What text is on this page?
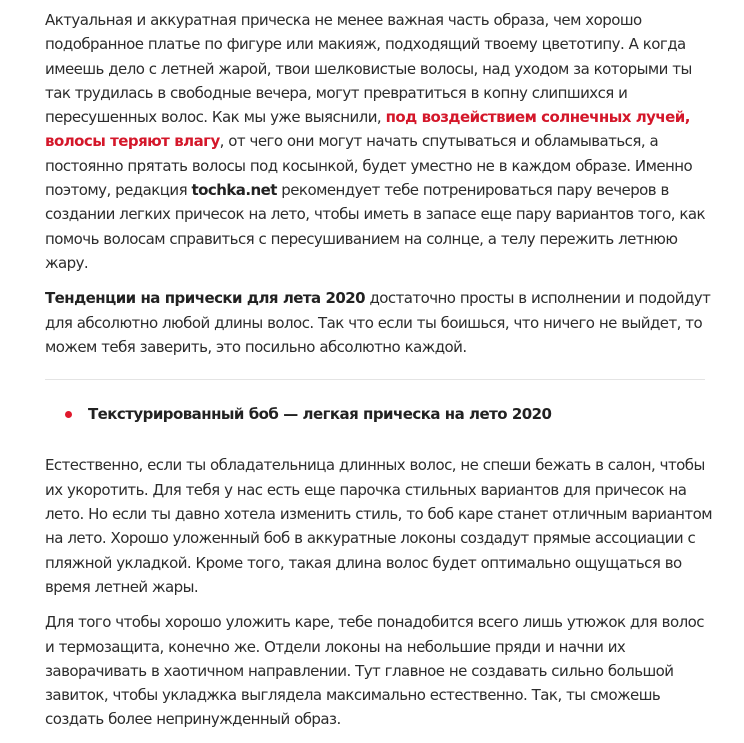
Актуальная и аккуратная прическа не менее важная часть образа, чем хорошо подобранное платье по фигуре или макияж, подходящий твоему цветотипу. А когда имеешь дело с летней жарой, твои шелковистые волосы, над уходом за которыми ты так трудилась в свободные вечера, могут превратиться в копну слипшихся и пересушенных волос. Как мы уже выяснили, под воздействием солнечных лучей, волосы теряют влагу, от чего они могут начать спутываться и обламываться, а постоянно прятать волосы под косынкой, будет уместно не в каждом образе. Именно поэтому, редакция tochka.net рекомендует тебе потренироваться пару вечеров в создании легких причесок на лето, чтобы иметь в запасе еще пару вариантов того, как помочь волосам справиться с пересушиванием на солнце, а телу пережить летнюю жару.

Тенденции на прически для лета 2020 достаточно просты в исполнении и подойдут для абсолютно любой длины волос. Так что если ты боишься, что ничего не выйдет, то можем тебя заверить, это посильно абсолютно каждой.

Текстурированный боб — легкая прическа на лето 2020

Естественно, если ты обладательница длинных волос, не спеши бежать в салон, чтобы их укоротить. Для тебя у нас есть еще парочка стильных вариантов для причесок на лето. Но если ты давно хотела изменить стиль, то боб каре станет отличным вариантом на лето. Хорошо уложенный боб в аккуратные локоны создадут прямые ассоциации с пляжной укладкой. Кроме того, такая длина волос будет оптимально ощущаться во время летней жары.

Для того чтобы хорошо уложить каре, тебе понадобится всего лишь утюжок для волос и термозащита, конечно же. Отдели локоны на небольшие пряди и начни их заворачивать в хаотичном направлении. Тут главное не создавать сильно большой завиток, чтобы укладжка выглядела максимально естественно. Так, ты сможешь создать более непринужденный образ.
